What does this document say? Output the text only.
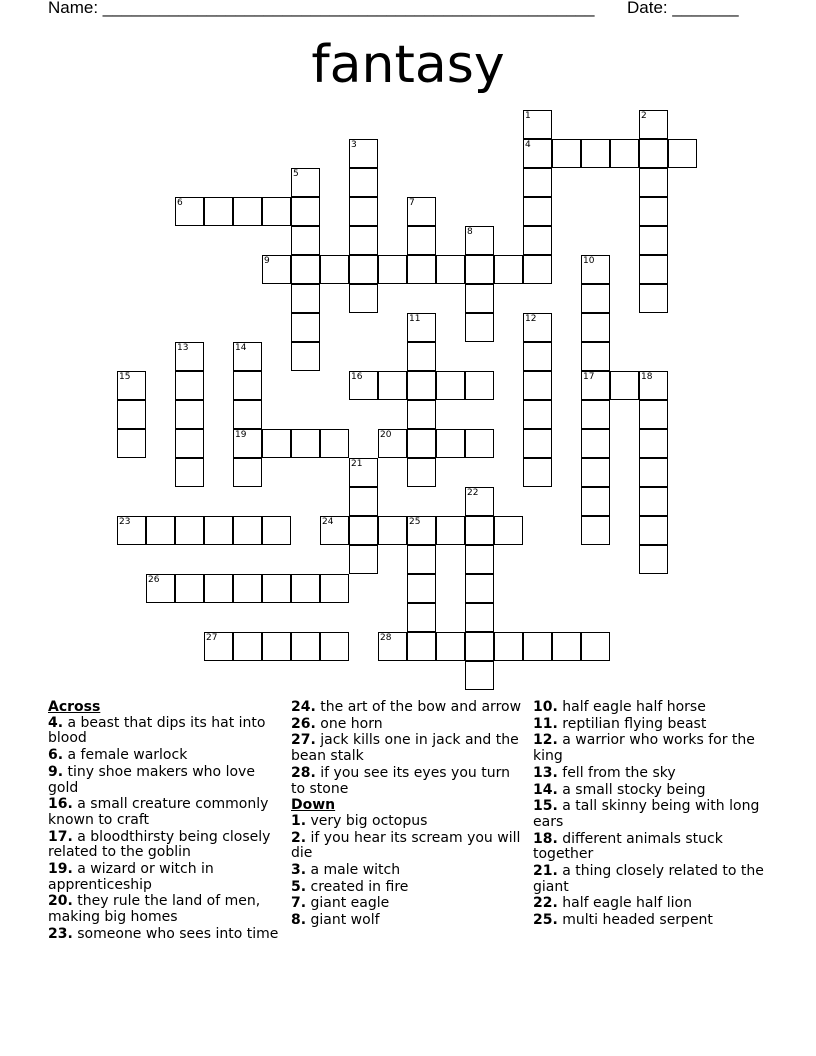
Name: ____________________________________________________ Date: _______
fantasy
1
4
2
3
5
6	7
8
9	10
17
11	12
13	14
19
15	16	18
20
21
22
23	24	25
26
27	28
Across
4. a beast that dips its hat into blood
6. a female warlock
9. tiny shoe makers who love gold
16. a small creature commonly known to craft
17. a bloodthirsty being closely related to the goblin
19. a wizard or witch in apprenticeship
20. they rule the land of men, making big homes
23. someone who sees into time
24. the art of the bow and arrow
26. one horn
27. jack kills one in jack and the bean stalk
28. if you see its eyes you turn to stone
Down
1. very big octopus
2. if you hear its scream you will die
3. a male witch
5. created in fire
7. giant eagle
8. giant wolf
10. half eagle half horse
11. reptilian flying beast
12. a warrior who works for the king
13. fell from the sky
14. a small stocky being
15. a tall skinny being with long ears
18. different animals stuck together
21. a thing closely related to the giant
22. half eagle half lion
25. multi headed serpent
